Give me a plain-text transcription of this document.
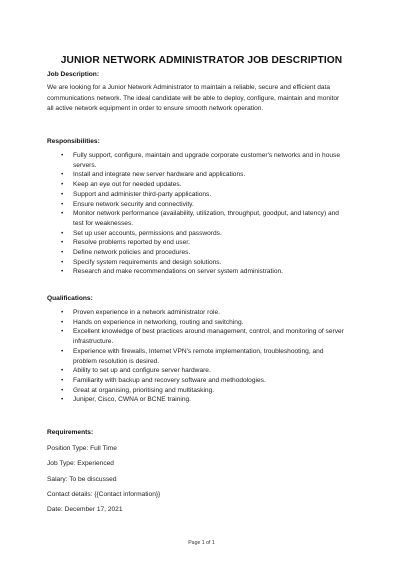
JUNIOR NETWORK ADMINISTRATOR JOB DESCRIPTION
Job Description:
We are looking for a Junior Network Administrator to maintain a reliable, secure and efficient data
communications network. The ideal candidate will be able to deploy, configure, maintain and monitor
all active network equipment in order to ensure smooth network operation.
Responsibilities:
• Fully support, configure, maintain and upgrade corporate customer's networks and in house
servers.
• Install and integrate new server hardware and applications.
• Keep an eye out for needed updates.
• Support and administer third-party applications.
• Ensure network security and connectivity.
• Monitor network performance (availability, utilization, throughput, goodput, and latency) and
test for weaknesses.
• Set up user accounts, permissions and passwords.
• Resolve problems reported by end user.
• Define network policies and procedures.
• Specify system requirements and design solutions.
• Research and make recommendations on server system administration.
Qualifications:
• Proven experience in a network administrator role.
• Hands on experience in networking, routing and switching.
• Excellent knowledge of best practices around management, control, and monitoring of server
infrastructure.
• Experience with firewalls, Internet VPN's remote implementation, troubleshooting, and
problem resolution is desired.
• Ability to set up and configure server hardware.
• Familiarity with backup and recovery software and methodologies.
• Great at organising, prioritising and multitasking.
• Juniper, Cisco, CWNA or BCNE training.
Requirements:
Position Type: Full Time
Job Type: Experienced
Salary: To be discussed
Contact details: {{Contact information}}
Date: December 17, 2021
Page 1 of 1
